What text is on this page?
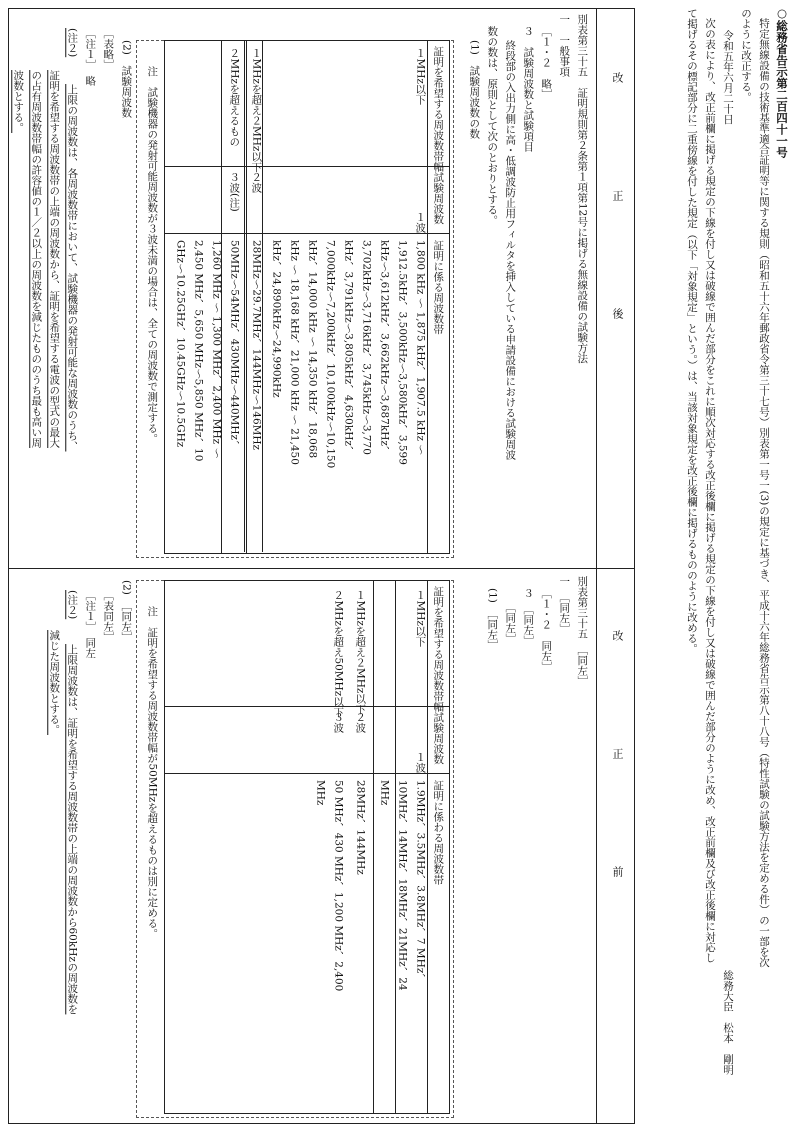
○総務省告示第二百四十一号
特定無線設備の技術基準適合証明等に関する規則（昭和五十六年郵政省令第三十七号）別表第一号一(3)の規定に基づき、平成十六年総務省告示第八十八号（特性試験の試験方法を定める件）の一部を次
のように改正する。
令和五年六月二十日
総務大臣　松本　剛明
次の表により、改正前欄に掲げる規定の下線を付し又は破線で囲んだ部分をこれに順次対応する改正後欄に掲げる規定の下線を付し又は破線で囲んだ部分のように改め、改正前欄及び改正後欄に対応し
て掲げるその標記部分に二重傍線を付した規定（以下「対象規定」という。）は、当該対象規定を改正後欄に掲げるもののように改める。
改　正　後
改　正　前
別表第三十五　証明規則第２条第１項第12号に掲げる無線設備の試験方法
一　一般事項
［１・２　略］
３　試験周波数と試験項目
終段部の入出力側に高・低調波防止用フィルタを挿入している申請設備における試験周波
数の数は、原則として次のとおりとする。
(1)　試験周波数の数
証明を希望する周波数帯幅
試験周波数
証明に係る周波数帯
１MHz以下
１波
1,800 kHz ～ 1,875 kHz、1,907.5 kHz ～
1,912.5kHz、3,500kHz～3,580kHz、3,599
kHz～3,612kHz、3,662kHz～3,687kHz、
3,702kHz～3,716kHz、3,745kHz～3,770
kHz、3,791kHz～3,805kHz、4,630kHz、
7,000kHz～7,200kHz、10,100kHz～10,150
kHz、14,000 kHz ～ 14,350 kHz、18,068
kHz ～ 18,168 kHz、21,000 kHz ～ 21,450
kHz、24,890kHz～24,990kHz
１MHzを超え２MHz以下
２波
28MHz～29.7MHz、144MHz～146MHz
２MHzを超えるもの
３波(注)
50MHz～54MHz、430MHz～440MHz、
1,260 MHz ～ 1,300 MHz、2,400 MHz ～
2,450 MHz、5,650 MHz～5,850 MHz、10
GHz～10.25GHz、10.45GHz～10.5GHz
注　試験機器の発射可能周波数が３波未満の場合は、全ての周波数で測定する。
(2)　試験周波数
［表略］
［注１］　略
(注２)
上限の周波数は、各周波数帯において、試験機器の発射可能な周波数のうち、
証明を希望する周波数帯の上端の周波数から、証明を希望する電波の型式の最大
の占有周波数帯幅の許容値の１／２以上の周波数を減じたもののうち最も高い周
波数とする。
別表第三十五　［同左］
一　［同左］
［１・２　同左］
３　［同左］
［同左］
(1)　［同左］
証明を希望する周波数帯幅
試験周波数
証明に係わる周波数帯
１MHz以下
１波
1.9MHz、3.5MHz、3.8MHz、7 MHz、
10MHz、14MHz、18MHz、21MHz、24
MHz
１MHzを超え２MHz以下
２波
28MHz、144MHz
２MHzを超え50MHz以下
３波
50 MHz、430 MHz、1,200 MHz、2,400
MHz
注　証明を希望する周波数帯幅が50MHzを超えるものは別に定める。
(2)　［同左］
［表同左］
［注１］　同左
(注２)
上限周波数は、証明を希望する周波数帯の上端の周波数から60kHzの周波数を
減じた周波数とする。
